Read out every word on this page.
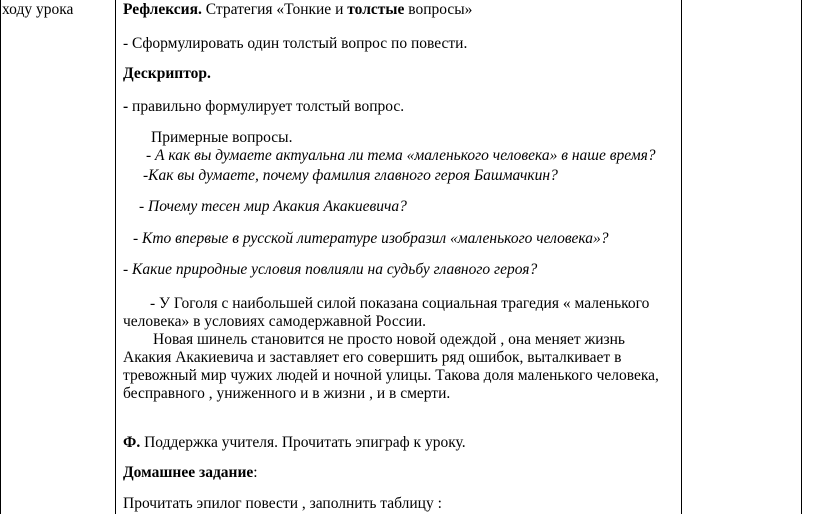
ходу урока	Рефлексия. Стратегия «Тонкие и толстые вопросы»
- Сформулировать один толстый вопрос по повести.
Дескриптор.
- правильно формулирует толстый вопрос.
Примерные вопросы.
- А как вы думаете актуальна ли тема «маленького человека» в наше время?
-Как вы думаете, почему фамилия главного героя Башмачкин?
- Почему тесен мир Акакия Акакиевича?
- Кто впервые в русской литературе изобразил «маленького человека»?
- Какие природные условия повлияли на судьбу главного героя?
- У Гоголя с наибольшей силой показана социальная трагедия « маленького
человека» в условиях самодержавной России.
Новая шинель становится не просто новой одеждой , она меняет жизнь
Акакия Акакиевича и заставляет его совершить ряд ошибок, выталкивает в
тревожный мир чужих людей и ночной улицы. Такова доля маленького человека,
бесправного , униженного и в жизни , и в смерти.
Ф. Поддержка учителя. Прочитать эпиграф к уроку.
Домашнее задание:
Прочитать эпилог повести , заполнить таблицу :
